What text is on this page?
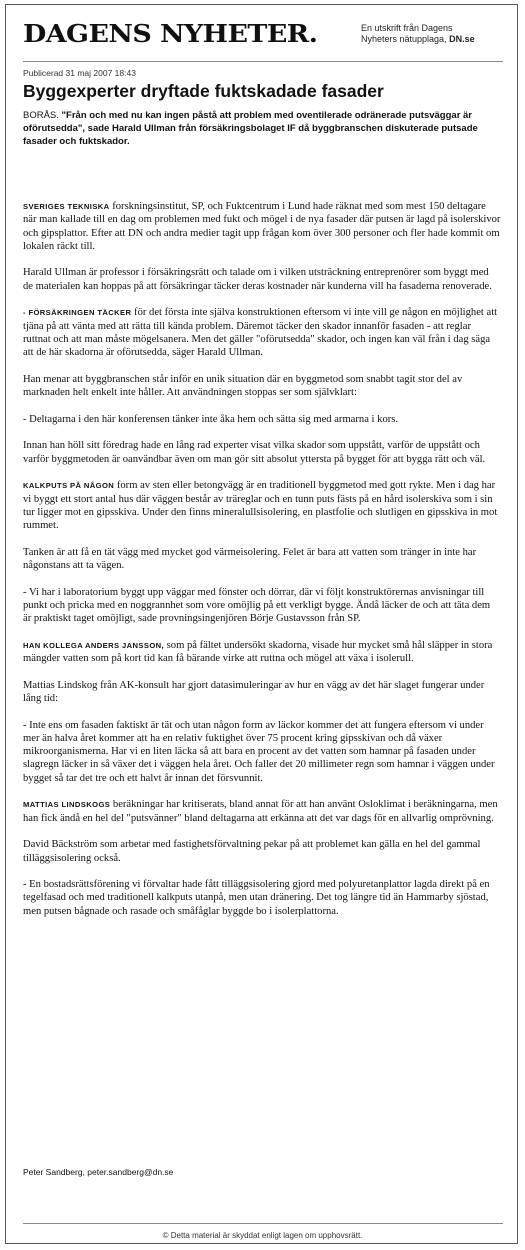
DAGENS NYHETER.	En utskrift från Dagens
Nyheters nätupplaga, DN.se
Publicerad 31 maj 2007 18:43
Byggexperter dryftade fuktskadade fasader
BORÅS. "Från och med nu kan ingen påstå att problem med oventilerade odränerade putsväggar är oförutsedda", sade Harald Ullman från försäkringsbolaget IF då byggbranschen diskuterade putsade fasader och fuktskador.

SVERIGES TEKNISKA forskningsinstitut, SP, och Fuktcentrum i Lund hade räknat med som mest 150 deltagare när man kallade till en dag om problemen med fukt och mögel i de nya fasader där putsen är lagd på isolerskivor och gipsplattor. Efter att DN och andra medier tagit upp frågan kom över 300 personer och fler hade kommit om lokalen räckt till.

Harald Ullman är professor i försäkringsrätt och talade om i vilken utsträckning entreprenörer som byggt med de materialen kan hoppas på att försäkringar täcker deras kostnader när kunderna vill ha fasaderna renoverade.

- FÖRSÄKRINGEN TÄCKER för det första inte själva konstruktionen eftersom vi inte vill ge någon en möjlighet att tjäna på att vänta med att rätta till kända problem. Däremot täcker den skador innanför fasaden - att reglar ruttnat och att man måste mögelsanera. Men det gäller "oförutsedda" skador, och ingen kan väl från i dag säga att de här skadorna är oförutsedda, säger Harald Ullman.

Han menar att byggbranschen står inför en unik situation där en byggmetod som snabbt tagit stor del av marknaden helt enkelt inte håller. Att användningen stoppas ser som självklart:

- Deltagarna i den här konferensen tänker inte åka hem och sätta sig med armarna i kors.

Innan han höll sitt föredrag hade en lång rad experter visat vilka skador som uppstått, varför de uppstått och varför byggmetoden är oanvändbar även om man gör sitt absolut yttersta på bygget för att bygga rätt och väl.

KALKPUTS PÅ NÅGON form av sten eller betongvägg är en traditionell byggmetod med gott rykte. Men i dag har vi byggt ett stort antal hus där väggen består av träreglar och en tunn puts fästs på en hård isolerskiva som i sin tur ligger mot en gipsskiva. Under den finns mineralullsisolering, en plastfolie och slutligen en gipsskiva in mot rummet.

Tanken är att få en tät vägg med mycket god värmeisolering. Felet är bara att vatten som tränger in inte har någonstans att ta vägen.

- Vi har i laboratorium byggt upp väggar med fönster och dörrar, där vi följt konstruktörernas anvisningar till punkt och pricka med en noggrannhet som vore omöjlig på ett verkligt bygge. Ändå läcker de och att täta dem är praktiskt taget omöjligt, sade provningsingenjören Börje Gustavsson från SP.

HAN KOLLEGA ANDERS JANSSON, som på fältet undersökt skadorna, visade hur mycket små hål släpper in stora mängder vatten som på kort tid kan få bärande virke att ruttna och mögel att växa i isolerull.

Mattias Lindskog från AK-konsult har gjort datasimuleringar av hur en vägg av det här slaget fungerar under lång tid:

- Inte ens om fasaden faktiskt är tät och utan någon form av läckor kommer det att fungera eftersom vi under mer än halva året kommer att ha en relativ fuktighet över 75 procent kring gipsskivan och då växer mikroorganismerna. Har vi en liten läcka så att bara en procent av det vatten som hamnar på fasaden under slagregn läcker in så växer det i väggen hela året. Och faller det 20 millimeter regn som hamnar i väggen under bygget så tar det tre och ett halvt år innan det försvunnit.

MATTIAS LINDSKOGS beräkningar har kritiserats, bland annat för att han använt Osloklimat i beräkningarna, men han fick ändå en hel del "putsvänner" bland deltagarna att erkänna att det var dags för en allvarlig omprövning.

David Bäckström som arbetar med fastighetsförvaltning pekar på att problemet kan gälla en hel del gammal tilläggsisolering också.

- En bostadsrättsförening vi förvaltar hade fått tilläggsisolering gjord med polyuretanplattor lagda direkt på en tegelfasad och med traditionell kalkputs utanpå, men utan dränering. Det tog längre tid än Hammarby sjöstad, men putsen bågnade och rasade och småfåglar byggde bo i isolerplattorna.

Peter Sandberg, peter.sandberg@dn.se
© Detta material är skyddat enligt lagen om upphovsrätt.
